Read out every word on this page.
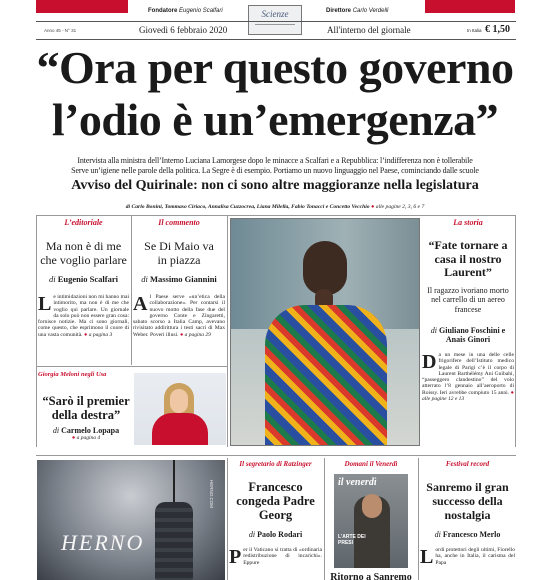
Fondatore Eugenio Scalfari	Direttore Carlo Verdelli
Scienze
Anno 45 - N° 31	Giovedì 6 febbraio 2020	All'interno del giornale	In Italia € 1,50
“Ora per questo governo
l’odio è un’emergenza”
Intervista alla ministra dell’Interno Luciana Lamorgese dopo le minacce a Scalfari e a Repubblica: l’indifferenza non è tollerabile
Serve un’igiene nelle parole della politica. La Segre è di esempio. Portiamo un nuovo linguaggio nel Paese, cominciando dalle scuole
Avviso del Quirinale: non ci sono altre maggioranze nella legislatura
di Carlo Bonini, Tommaso Ciriaco, Annalisa Cuzzocrea, Liana Milella, Fabio Tonacci e Concetto Vecchio ● alle pagine 2, 3, 6 e 7
L’editoriale
Ma non è di me che voglio parlare
di Eugenio Scalfari
Le intimidazioni non mi hanno mai intimorito, ma non è di me che voglio qui parlare. Un giornale da solo può non essere gran cosa: fornisce notizie. Ma ci sono giornali, come questo, che esprimono il cuore di una vasta comunità. ● a pagina 3
Il commento
Se Di Maio va in piazza
di Massimo Giannini
Al Paese serve «un’etica della collaborazione». Per contarsi il nuovo motto della fase due del governo Conte e Zingaretti, sabato scorso a Italia Camp, avevano rivisitato addirittura i testi sacri di Max Weber. Poveri illusi. ● a pagina 29
Giorgia Meloni negli Usa
“Sarò il premier della destra”
di Carmelo Lopapa
● a pagina 4
La storia
“Fate tornare a casa il nostro Laurent”
Il ragazzo ivoriano morto nel carrello di un aereo francese
di Giuliano Foschini e Anais Ginori
Da un mese in una delle celle frigorifere dell’Istituto medico legale di Parigi c’è il corpo di Laurent Barthélémy Ani Guibahi, “passeggero clandestino” del volo atterrato l’8 gennaio all’aeroporto di Roissy. Ieri avrebbe compiuto 15 anni. ● alle pagine 12 e 13
HERNO
HERNO.COM
Il segretario di Ratzinger
Francesco congeda Padre Georg
di Paolo Rodari
Per il Vaticano si tratta di «ordinaria redistribuzione di incarichi». Eppure
Domani il Venerdì
il venerdì
L'ARTE DEI PRESI
Ritorno a Sanremo
Festival record
Sanremo il gran successo della nostalgia
di Francesco Merlo
Lordi protettori degli ultimi, Fiorello ha, anche in Italia, il carisma del Papa
